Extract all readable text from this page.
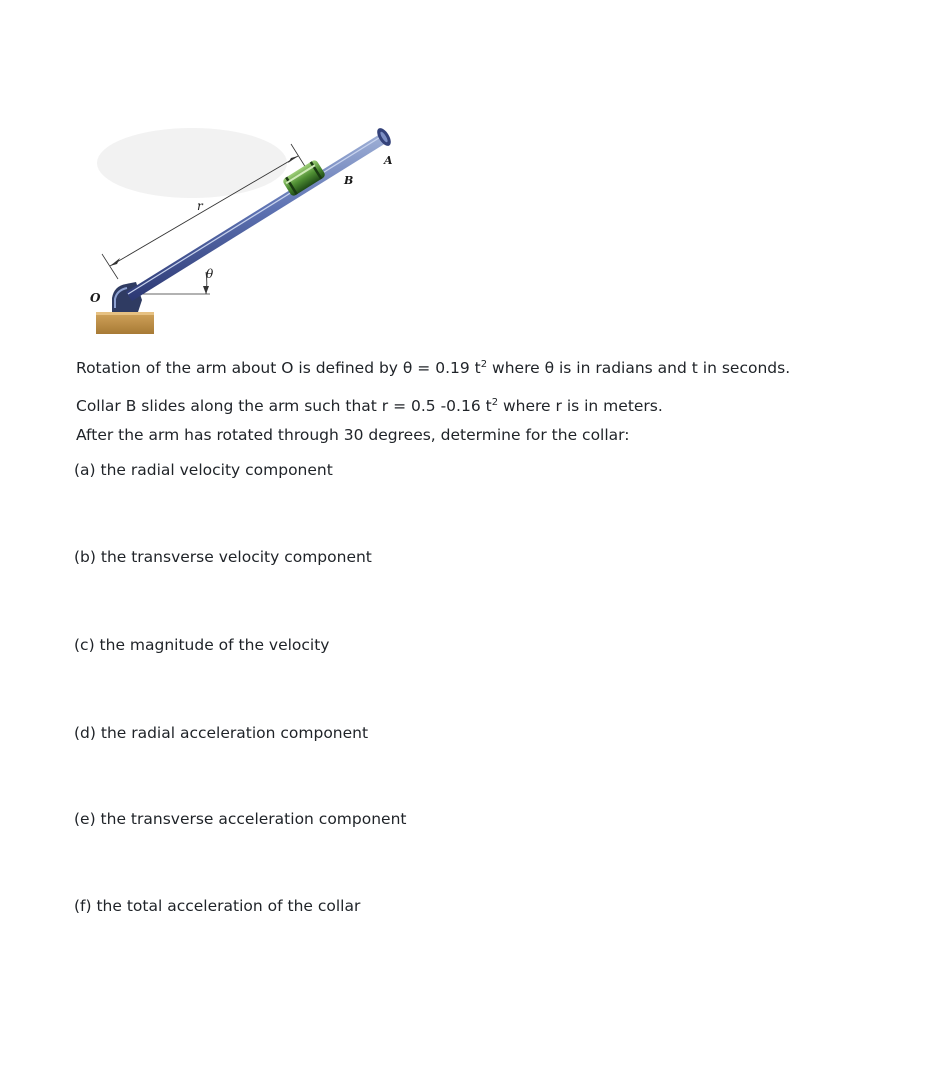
r
θ
B
A
O
Rotation of the arm about O is defined by θ = 0.19 $t^2$ where θ is in radians and t in seconds.
Collar B slides along the arm such that r = 0.5 -0.16 $t^2$ where r is in meters.
After the arm has rotated through 30 degrees, determine for the collar:
(a) the radial velocity component
(b) the transverse velocity component
(c) the magnitude of the velocity
(d) the radial acceleration component
(e) the transverse acceleration component
(f) the total acceleration of the collar
